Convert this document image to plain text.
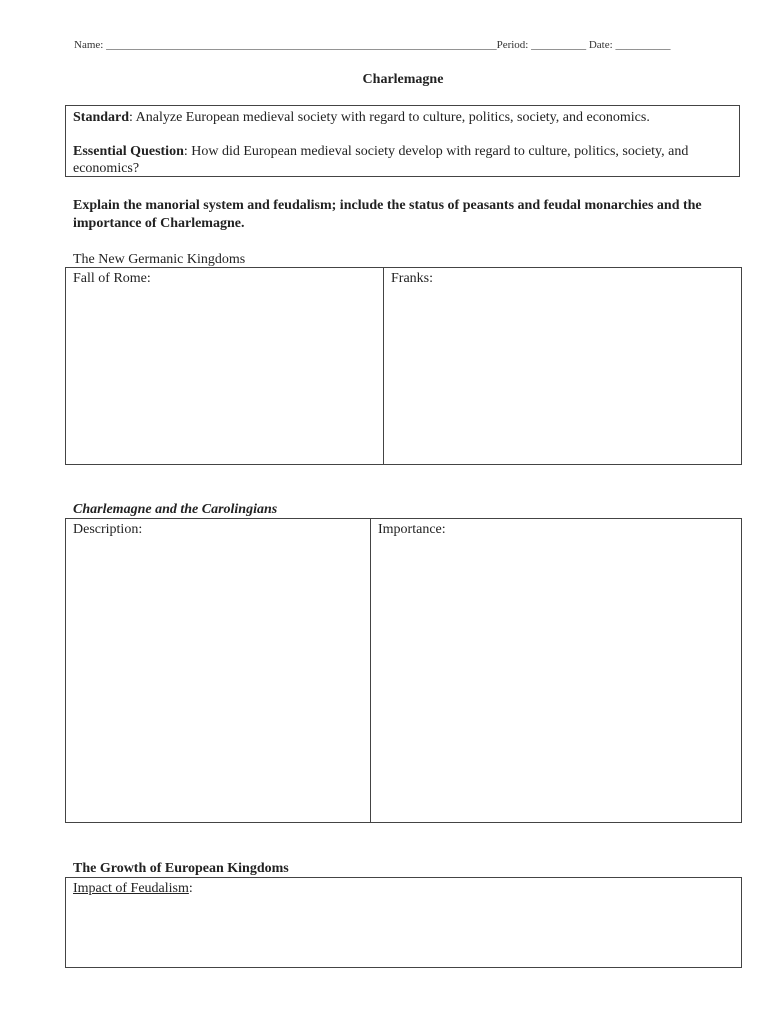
Name: _______________________________________________________________________Period: __________ Date: __________
Charlemagne

Standard: Analyze European medieval society with regard to culture, politics, society, and economics.

Essential Question: How did European medieval society develop with regard to culture, politics, society, and economics?

Explain the manorial system and feudalism; include the status of peasants and feudal monarchies and the importance of Charlemagne.
The New Germanic Kingdoms
Fall of Rome:	Franks:
Charlemagne and the Carolingians
Description:	Importance:
The Growth of European Kingdoms
Impact of Feudalism:
